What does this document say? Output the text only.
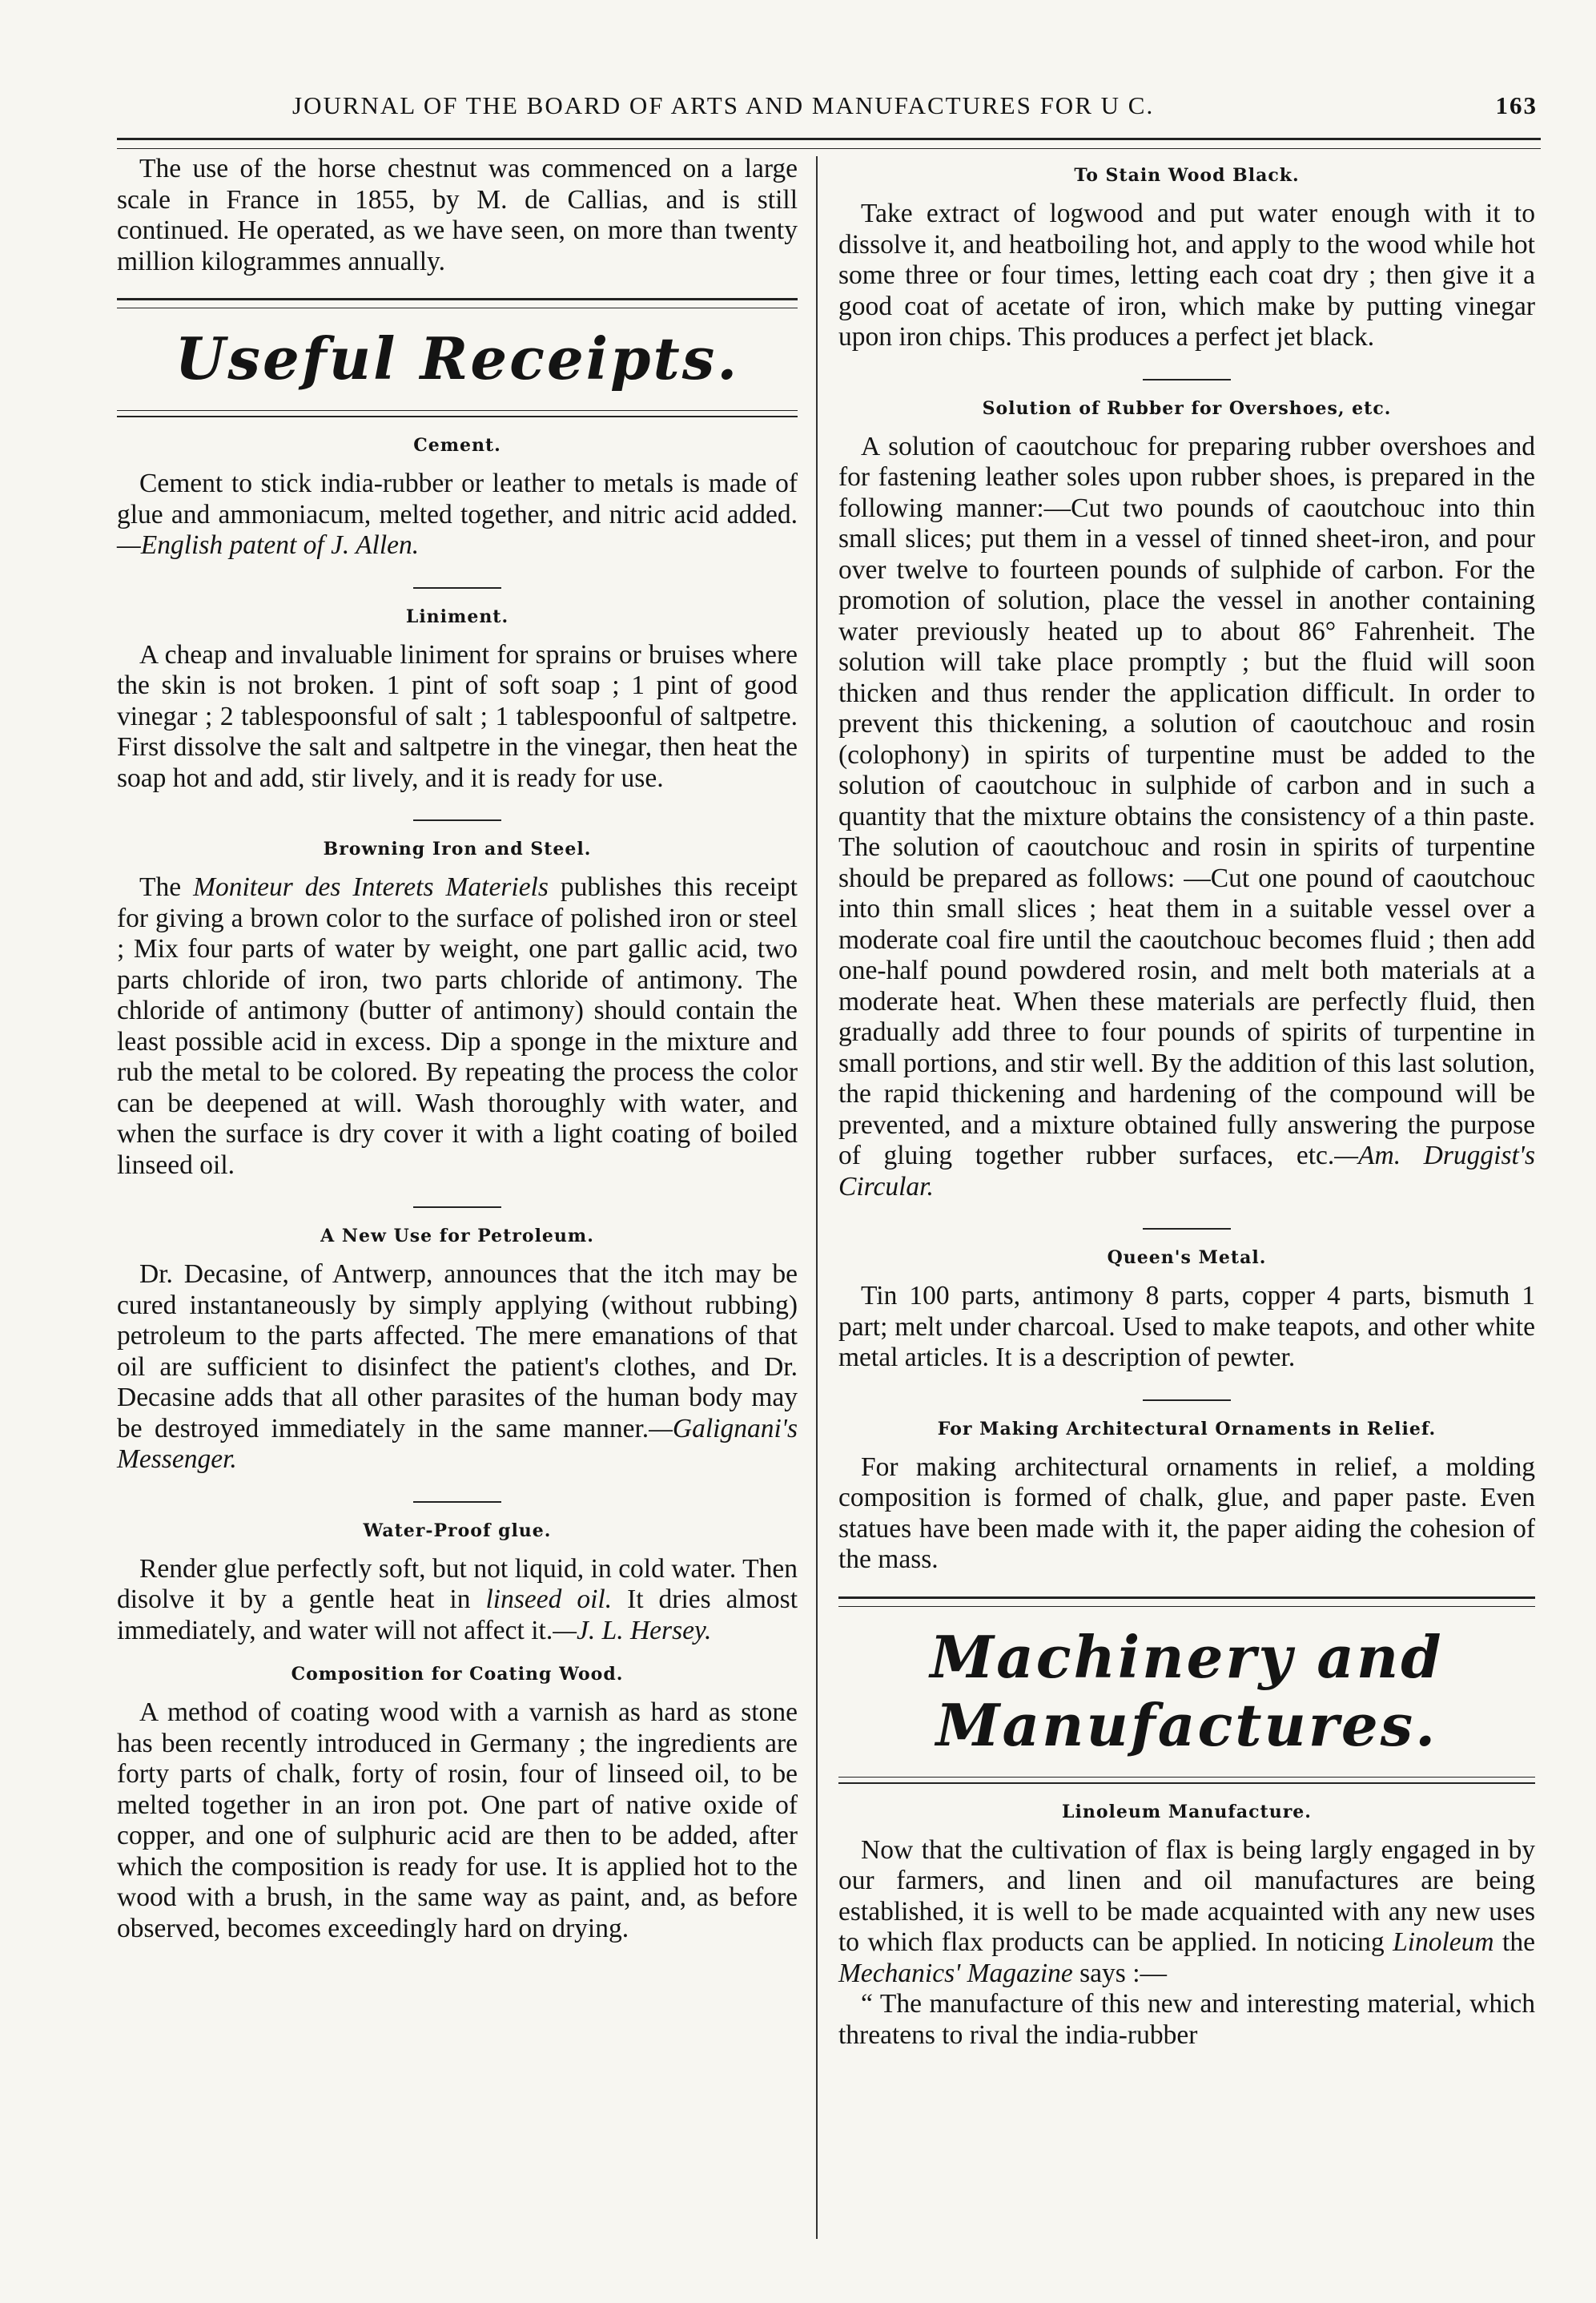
JOURNAL OF THE BOARD OF ARTS AND MANUFACTURES FOR U C.	163

The use of the horse chestnut was commenced on a large scale in France in 1855, by M. de Callias, and is still continued. He operated, as we have seen, on more than twenty million kilogrammes annually.

Useful Receipts.
Cement.

Cement to stick india-rubber or leather to metals is made of glue and ammoniacum, melted together, and nitric acid added.—English patent of J. Allen.

Liniment.

A cheap and invaluable liniment for sprains or bruises where the skin is not broken. 1 pint of soft soap ; 1 pint of good vinegar ; 2 tablespoonsful of salt ; 1 tablespoonful of saltpetre. First dissolve the salt and saltpetre in the vinegar, then heat the soap hot and add, stir lively, and it is ready for use.

Browning Iron and Steel.

The Moniteur des Interets Materiels publishes this receipt for giving a brown color to the surface of polished iron or steel ; Mix four parts of water by weight, one part gallic acid, two parts chloride of iron, two parts chloride of antimony. The chloride of antimony (butter of antimony) should contain the least possible acid in excess. Dip a sponge in the mixture and rub the metal to be colored. By repeating the process the color can be deepened at will. Wash thoroughly with water, and when the surface is dry cover it with a light coating of boiled linseed oil.

A New Use for Petroleum.

Dr. Decasine, of Antwerp, announces that the itch may be cured instantaneously by simply applying (without rubbing) petroleum to the parts affected. The mere emanations of that oil are sufficient to disinfect the patient's clothes, and Dr. Decasine adds that all other parasites of the human body may be destroyed immediately in the same manner.—Galignani's Messenger.

Water-Proof glue.

Render glue perfectly soft, but not liquid, in cold water. Then disolve it by a gentle heat in linseed oil. It dries almost immediately, and water will not affect it.—J. L. Hersey.

Composition for Coating Wood.

A method of coating wood with a varnish as hard as stone has been recently introduced in Germany ; the ingredients are forty parts of chalk, forty of rosin, four of linseed oil, to be melted together in an iron pot. One part of native oxide of copper, and one of sulphuric acid are then to be added, after which the composition is ready for use. It is applied hot to the wood with a brush, in the same way as paint, and, as before observed, becomes exceedingly hard on drying.

To Stain Wood Black.

Take extract of logwood and put water enough with it to dissolve it, and heatboiling hot, and apply to the wood while hot some three or four times, letting each coat dry ; then give it a good coat of acetate of iron, which make by putting vinegar upon iron chips. This produces a perfect jet black.

Solution of Rubber for Overshoes, etc.

A solution of caoutchouc for preparing rubber overshoes and for fastening leather soles upon rubber shoes, is prepared in the following manner:—Cut two pounds of caoutchouc into thin small slices; put them in a vessel of tinned sheet-iron, and pour over twelve to fourteen pounds of sulphide of carbon. For the promotion of solution, place the vessel in another containing water previously heated up to about 86° Fahrenheit. The solution will take place promptly ; but the fluid will soon thicken and thus render the application difficult. In order to prevent this thickening, a solution of caoutchouc and rosin (colophony) in spirits of turpentine must be added to the solution of caoutchouc in sulphide of carbon and in such a quantity that the mixture obtains the consistency of a thin paste. The solution of caoutchouc and rosin in spirits of turpentine should be prepared as follows: —Cut one pound of caoutchouc into thin small slices ; heat them in a suitable vessel over a moderate coal fire until the caoutchouc becomes fluid ; then add one-half pound powdered rosin, and melt both materials at a moderate heat. When these materials are perfectly fluid, then gradually add three to four pounds of spirits of turpentine in small portions, and stir well. By the addition of this last solution, the rapid thickening and hardening of the compound will be prevented, and a mixture obtained fully answering the purpose of gluing together rubber surfaces, etc.—Am. Druggist's Circular.

Queen's Metal.

Tin 100 parts, antimony 8 parts, copper 4 parts, bismuth 1 part; melt under charcoal. Used to make teapots, and other white metal articles. It is a description of pewter.

For Making Architectural Ornaments in Relief.

For making architectural ornaments in relief, a molding composition is formed of chalk, glue, and paper paste. Even statues have been made with it, the paper aiding the cohesion of the mass.

Machinery and Manufactures.
Linoleum Manufacture.

Now that the cultivation of flax is being largly engaged in by our farmers, and linen and oil manufactures are being established, it is well to be made acquainted with any new uses to which flax products can be applied. In noticing Linoleum the Mechanics' Magazine says :—

“ The manufacture of this new and interesting material, which threatens to rival the india-rubber
